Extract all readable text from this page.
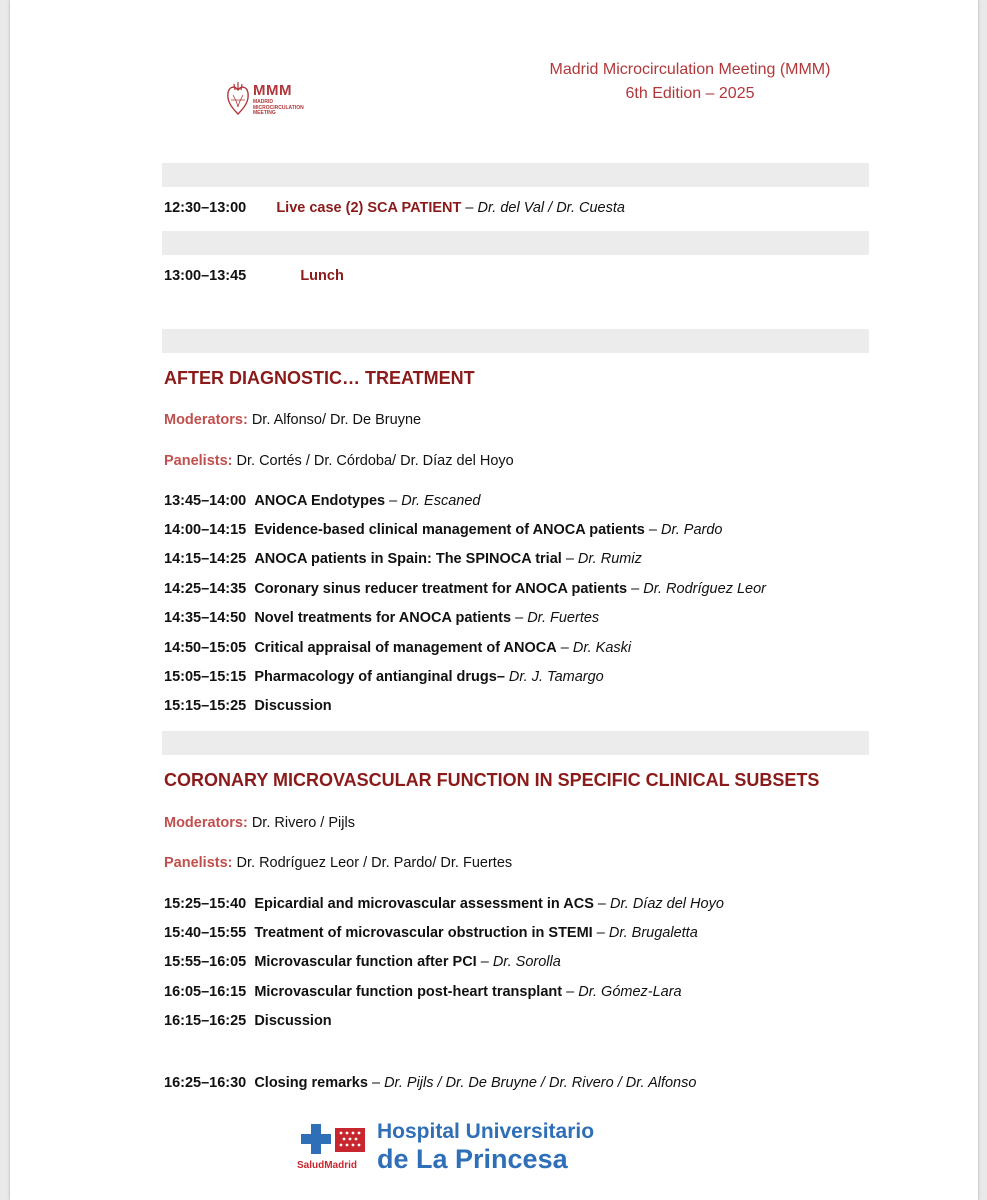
MMM
MADRID MICROCIRCULATION MEETING
Madrid Microcirculation Meeting (MMM)
6th Edition – 2025
12:30–13:00 Live case (2) SCA PATIENT – Dr. del Val / Dr. Cuesta
13:00–13:45	Lunch
AFTER DIAGNOSTIC… TREATMENT
Moderators: Dr. Alfonso/ Dr. De Bruyne
Panelists: Dr. Cortés / Dr. Córdoba/ Dr. Díaz del Hoyo
13:45–14:00 ANOCA Endotypes – Dr. Escaned
14:00–14:15 Evidence-based clinical management of ANOCA patients – Dr. Pardo
14:15–14:25 ANOCA patients in Spain: The SPINOCA trial – Dr. Rumiz
14:25–14:35 Coronary sinus reducer treatment for ANOCA patients – Dr. Rodríguez Leor
14:35–14:50 Novel treatments for ANOCA patients – Dr. Fuertes
14:50–15:05 Critical appraisal of management of ANOCA – Dr. Kaski
15:05–15:15 Pharmacology of antianginal drugs– Dr. J. Tamargo
15:15–15:25 Discussion
CORONARY MICROVASCULAR FUNCTION IN SPECIFIC CLINICAL SUBSETS
Moderators: Dr. Rivero / Pijls
Panelists: Dr. Rodríguez Leor / Dr. Pardo/ Dr. Fuertes
15:25–15:40 Epicardial and microvascular assessment in ACS – Dr. Díaz del Hoyo
15:40–15:55 Treatment of microvascular obstruction in STEMI – Dr. Brugaletta
15:55–16:05 Microvascular function after PCI – Dr. Sorolla
16:05–16:15 Microvascular function post-heart transplant – Dr. Gómez-Lara
16:15–16:25 Discussion
16:25–16:30 Closing remarks – Dr. Pijls / Dr. De Bruyne / Dr. Rivero / Dr. Alfonso
Hospital Universitario
de La Princesa
SaludMadrid
